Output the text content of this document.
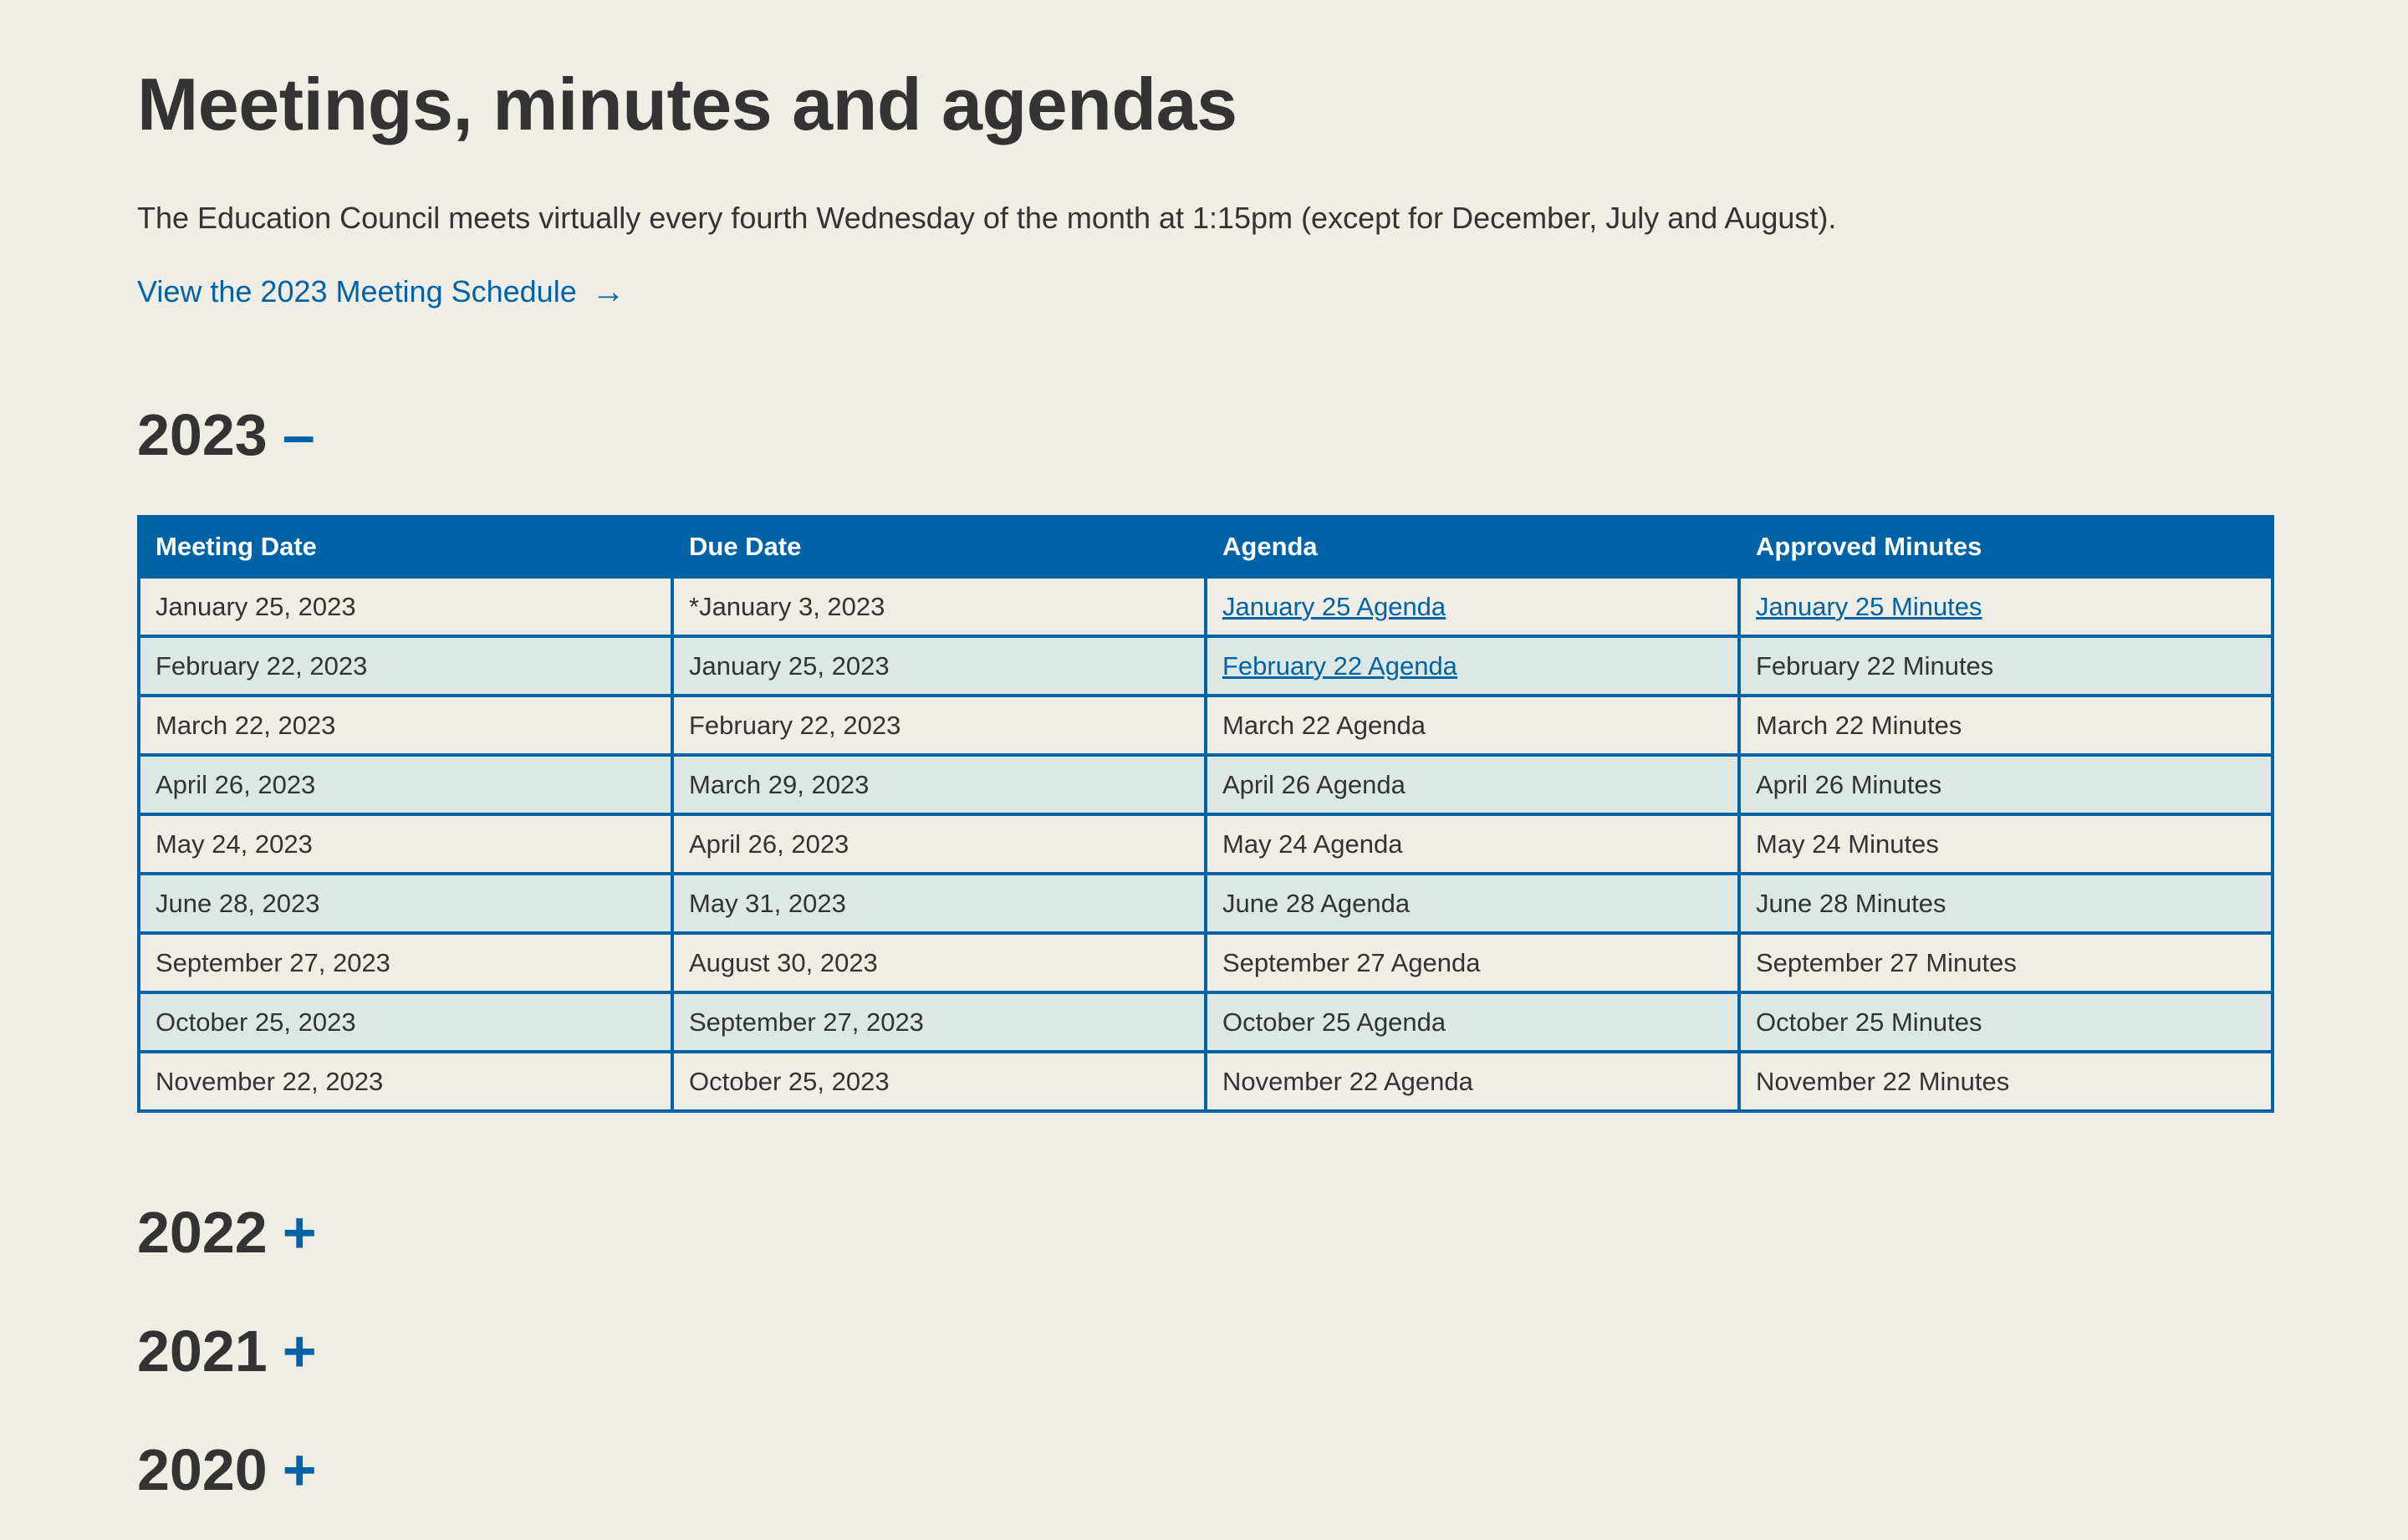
Meetings, minutes and agendas

The Education Council meets virtually every fourth Wednesday of the month at 1:15pm (except for December, July and August).

View the 2023 Meeting Schedule →
2023 –
Meeting Date	Due Date	Agenda	Approved Minutes
January 25, 2023	*January 3, 2023	January 25 Agenda	January 25 Minutes
February 22, 2023	January 25, 2023	February 22 Agenda	February 22 Minutes
March 22, 2023	February 22, 2023	March 22 Agenda	March 22 Minutes
April 26, 2023	March 29, 2023	April 26 Agenda	April 26 Minutes
May 24, 2023	April 26, 2023	May 24 Agenda	May 24 Minutes
June 28, 2023	May 31, 2023	June 28 Agenda	June 28 Minutes
September 27, 2023	August 30, 2023	September 27 Agenda	September 27 Minutes
October 25, 2023	September 27, 2023	October 25 Agenda	October 25 Minutes
November 22, 2023	October 25, 2023	November 22 Agenda	November 22 Minutes
2022 +
2021 +
2020 +
